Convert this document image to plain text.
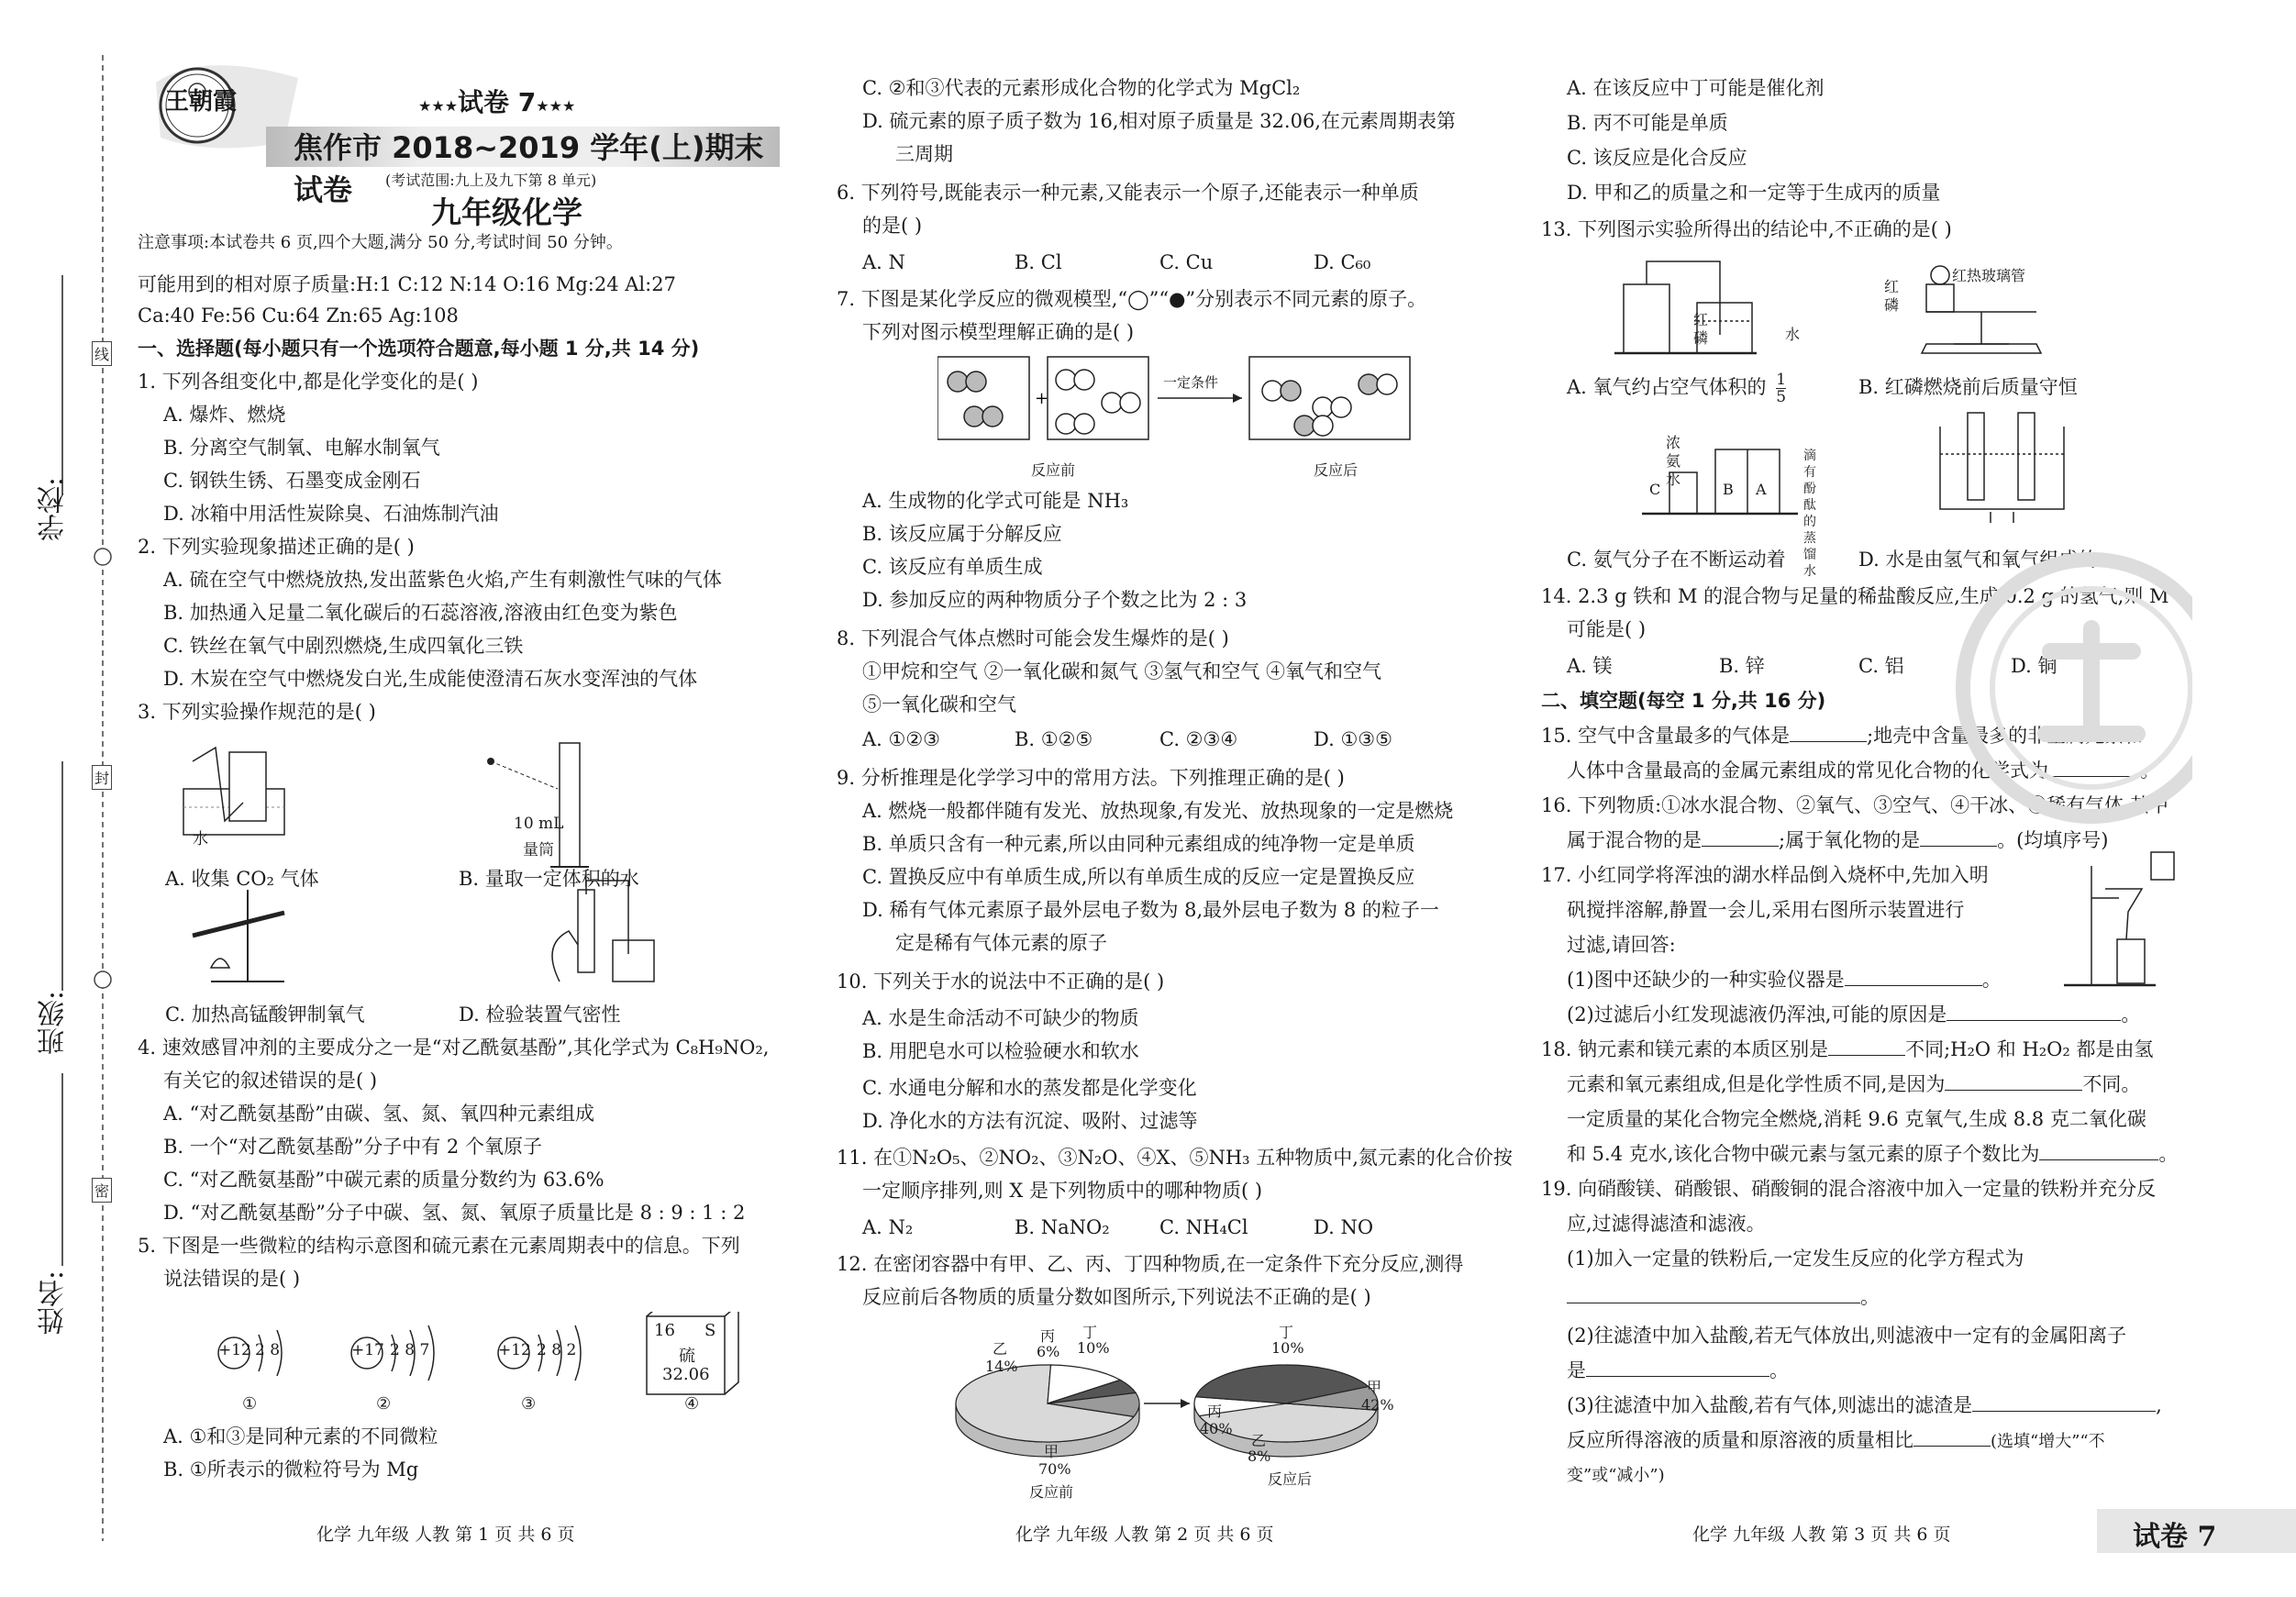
学校:
班级:
姓名:
线
封
密
王朝霞	★★★试卷 7★★★
焦作市 2018~2019 学年(上)期末试卷	(考试范围:九上及九下第 8 单元)
九年级化学
注意事项:本试卷共 6 页,四个大题,满分 50 分,考试时间 50 分钟。
可能用到的相对原子质量:H:1 C:12 N:14 O:16 Mg:24 Al:27
Ca:40 Fe:56 Cu:64 Zn:65 Ag:108
一、选择题(每小题只有一个选项符合题意,每小题 1 分,共 14 分)
1. 下列各组变化中,都是化学变化的是( )
A. 爆炸、燃烧
B. 分离空气制氧、电解水制氧气
C. 钢铁生锈、石墨变成金刚石
D. 冰箱中用活性炭除臭、石油炼制汽油
2. 下列实验现象描述正确的是( )
A. 硫在空气中燃烧放热,发出蓝紫色火焰,产生有刺激性气味的气体
B. 加热通入足量二氧化碳后的石蕊溶液,溶液由红色变为紫色
C. 铁丝在氧气中剧烈燃烧,生成四氧化三铁
D. 木炭在空气中燃烧发白光,生成能使澄清石灰水变浑浊的气体
3. 下列实验操作规范的是( )
水
10 mL
量筒
A. 收集 CO₂ 气体	B. 量取一定体积的水
C. 加热高锰酸钾制氧气	D. 检验装置气密性
4. 速效感冒冲剂的主要成分之一是“对乙酰氨基酚”,其化学式为 C₈H₉NO₂,
有关它的叙述错误的是( )
A. “对乙酰氨基酚”由碳、氢、氮、氧四种元素组成
B. 一个“对乙酰氨基酚”分子中有 2 个氧原子
C. “对乙酰氨基酚”中碳元素的质量分数约为 63.6%
D. “对乙酰氨基酚”分子中碳、氢、氮、氧原子质量比是 8 : 9 : 1 : 2
5. 下图是一些微粒的结构示意图和硫元素在元素周期表中的信息。下列
说法错误的是( )
+12 2 8	+17 2 8 7	+12 2 8 2
16 S
硫
32.06
①	②	③	④
A. ①和③是同种元素的不同微粒
B. ①所表示的微粒符号为 Mg
化学 九年级 人教 第 1 页 共 6 页
C. ②和③代表的元素形成化合物的化学式为 MgCl₂
D. 硫元素的原子质子数为 16,相对原子质量是 32.06,在元素周期表第
三周期
6. 下列符号,既能表示一种元素,又能表示一个原子,还能表示一种单质
的是( )
A. N	B. Cl	C. Cu	D. C₆₀
7. 下图是某化学反应的微观模型,“◯”“●”分别表示不同元素的原子。
下列对图示模型理解正确的是( )
+
一定条件
反应前	反应后
A. 生成物的化学式可能是 NH₃
B. 该反应属于分解反应
C. 该反应有单质生成
D. 参加反应的两种物质分子个数之比为 2 : 3
8. 下列混合气体点燃时可能会发生爆炸的是( )
①甲烷和空气 ②一氧化碳和氮气 ③氢气和空气 ④氧气和空气
⑤一氧化碳和空气
A. ①②③	B. ①②⑤	C. ②③④	D. ①③⑤
9. 分析推理是化学学习中的常用方法。下列推理正确的是( )
A. 燃烧一般都伴随有发光、放热现象,有发光、放热现象的一定是燃烧
B. 单质只含有一种元素,所以由同种元素组成的纯净物一定是单质
C. 置换反应中有单质生成,所以有单质生成的反应一定是置换反应
D. 稀有气体元素原子最外层电子数为 8,最外层电子数为 8 的粒子一
定是稀有气体元素的原子
10. 下列关于水的说法中不正确的是( )
A. 水是生命活动不可缺少的物质
B. 用肥皂水可以检验硬水和软水
C. 水通电分解和水的蒸发都是化学变化
D. 净化水的方法有沉淀、吸附、过滤等
11. 在①N₂O₅、②NO₂、③N₂O、④X、⑤NH₃ 五种物质中,氮元素的化合价按
一定顺序排列,则 X 是下列物质中的哪种物质( )
A. N₂	B. NaNO₂	C. NH₄Cl	D. NO
12. 在密闭容器中有甲、乙、丙、丁四种物质,在一定条件下充分反应,测得
反应前后各物质的质量分数如图所示,下列说法不正确的是( )
乙
14%
丙
6%
丁
10%
甲
70%
反应前
丁
10%
甲
42%
丙
40%
乙
8%
反应后
化学 九年级 人教 第 2 页 共 6 页
A. 在该反应中丁可能是催化剂
B. 丙不可能是单质
C. 该反应是化合反应
D. 甲和乙的质量之和一定等于生成丙的质量
13. 下列图示实验所得出的结论中,不正确的是( )
红
磷	水
红
磷
红热玻璃管
A. 氧气约占空气体积的 $\frac{1}{5}$	B. 红磷燃烧前后质量守恒
浓
氨
水
C	B A
滴有酚酞的蒸馏水
C. 氨气分子在不断运动着	D. 水是由氢气和氧气组成的
14. 2.3 g 铁和 M 的混合物与足量的稀盐酸反应,生成 0.2 g 的氢气,则 M
可能是( )
A. 镁	B. 锌	C. 铝	D. 铜
二、填空题(每空 1 分,共 16 分)
15. 空气中含量最多的气体是	;地壳中含量最多的非金属元素和
人体中含量最高的金属元素组成的常见化合物的化学式为	。
16. 下列物质:①冰水混合物、②氧气、③空气、④干冰、⑤稀有气体,其中
属于混合物的是	;属于氧化物的是	。(均填序号)
17. 小红同学将浑浊的湖水样品倒入烧杯中,先加入明
矾搅拌溶解,静置一会儿,采用右图所示装置进行
过滤,请回答:
(1)图中还缺少的一种实验仪器是	。
(2)过滤后小红发现滤液仍浑浊,可能的原因是	。
18. 钠元素和镁元素的本质区别是	不同;H₂O 和 H₂O₂ 都是由氢
元素和氧元素组成,但是化学性质不同,是因为	不同。
一定质量的某化合物完全燃烧,消耗 9.6 克氧气,生成 8.8 克二氧化碳
和 5.4 克水,该化合物中碳元素与氢元素的原子个数比为	。
19. 向硝酸镁、硝酸银、硝酸铜的混合溶液中加入一定量的铁粉并充分反
应,过滤得滤渣和滤液。
(1)加入一定量的铁粉后,一定发生反应的化学方程式为
。
(2)往滤渣中加入盐酸,若无气体放出,则滤液中一定有的金属阳离子
是	。
(3)往滤渣中加入盐酸,若有气体,则滤出的滤渣是	,
反应所得溶液的质量和原溶液的质量相比	(选填“增大”“不
变”或“减小”)
化学 九年级 人教 第 3 页 共 6 页	试卷 7
